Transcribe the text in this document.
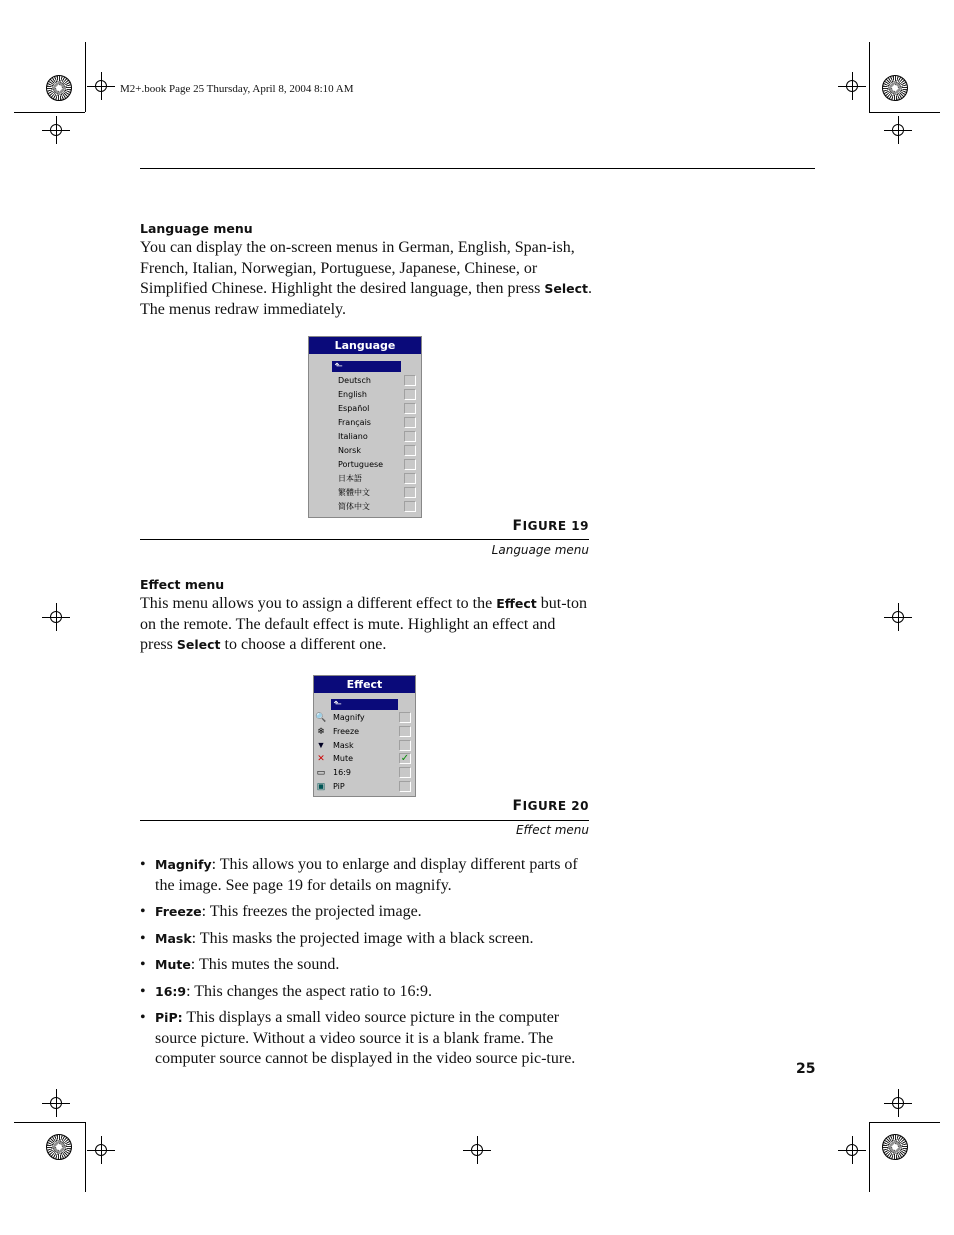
M2+.book Page 25 Thursday, April 8, 2004 8:10 AM
Language menu
You can display the on-screen menus in German, English, Span-ish, French, Italian, Norwegian, Portuguese, Japanese, Chinese, or Simplified Chinese. Highlight the desired language, then press Select. The menus redraw immediately.
Language
⬑
Deutsch
English
Español
Français
Italiano
Norsk
Portuguese
日本語
繁體中文
简体中文
FIGURE 19
Language menu
Effect menu
This menu allows you to assign a different effect to the Effect but-ton on the remote. The default effect is mute. Highlight an effect and press Select to choose a different one.
Effect
⬑
🔍 Magnify
❄ Freeze
▼ Mask
✕ Mute	✓
▭ 16:9
▣ PiP
FIGURE 20
Effect menu
• Magnify: This allows you to enlarge and display different parts of the image. See page 19 for details on magnify.
• Freeze: This freezes the projected image.
• Mask: This masks the projected image with a black screen.
• Mute: This mutes the sound.
• 16:9: This changes the aspect ratio to 16:9.
• PiP: This displays a small video source picture in the computer source picture. Without a video source it is a blank frame. The computer source cannot be displayed in the video source pic-ture.
25
